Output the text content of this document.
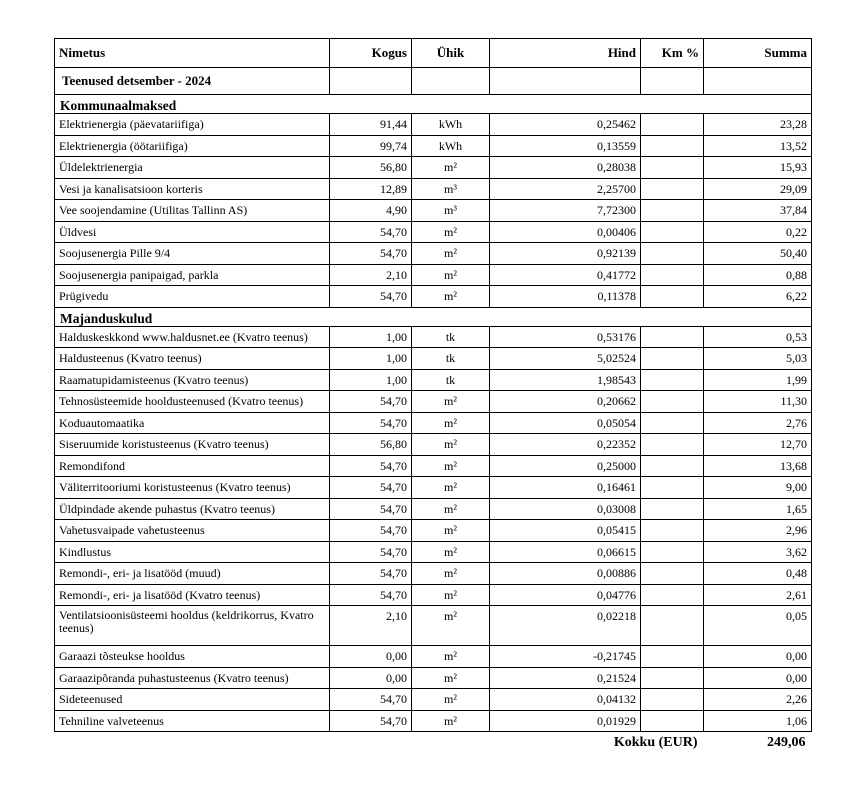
Nimetus	Kogus	Ühik	Hind	Km %	Summa
Teenused detsember - 2024					
Kommunaalmaksed					
Elektrienergia (päevatariifiga)	91,44	kWh	0,25462		23,28
Elektrienergia (öötariifiga)	99,74	kWh	0,13559		13,52
Üldelektrienergia	56,80	m²	0,28038		15,93
Vesi ja kanalisatsioon korteris	12,89	m³	2,25700		29,09
Vee soojendamine (Utilitas Tallinn AS)	4,90	m³	7,72300		37,84
Üldvesi	54,70	m²	0,00406		0,22
Soojusenergia Pille 9/4	54,70	m²	0,92139		50,40
Soojusenergia panipaigad, parkla	2,10	m²	0,41772		0,88
Prügivedu	54,70	m²	0,11378		6,22
Majanduskulud					
Halduskeskkond www.haldusnet.ee (Kvatro teenus)	1,00	tk	0,53176		0,53
Haldusteenus (Kvatro teenus)	1,00	tk	5,02524		5,03
Raamatupidamisteenus (Kvatro teenus)	1,00	tk	1,98543		1,99
Tehnosüsteemide hooldusteenused (Kvatro teenus)	54,70	m²	0,20662		11,30
Koduautomaatika	54,70	m²	0,05054		2,76
Siseruumide koristusteenus (Kvatro teenus)	56,80	m²	0,22352		12,70
Remondifond	54,70	m²	0,25000		13,68
Väliterritooriumi koristusteenus (Kvatro teenus)	54,70	m²	0,16461		9,00
Üldpindade akende puhastus (Kvatro teenus)	54,70	m²	0,03008		1,65
Vahetusvaipade vahetusteenus	54,70	m²	0,05415		2,96
Kindlustus	54,70	m²	0,06615		3,62
Remondi-, eri- ja lisatööd (muud)	54,70	m²	0,00886		0,48
Remondi-, eri- ja lisatööd (Kvatro teenus)	54,70	m²	0,04776		2,61
Ventilatsioonisüsteemi hooldus (keldrikorrus, Kvatro teenus)	2,10	m²	0,02218		0,05
Garaazi tõsteukse hooldus	0,00	m²	-0,21745		0,00
Garaazipõranda puhastusteenus (Kvatro teenus)	0,00	m²	0,21524		0,00
Sideteenused	54,70	m²	0,04132		2,26
Tehniline valveteenus	54,70	m²	0,01929		1,06
			Kokku (EUR)		249,06
